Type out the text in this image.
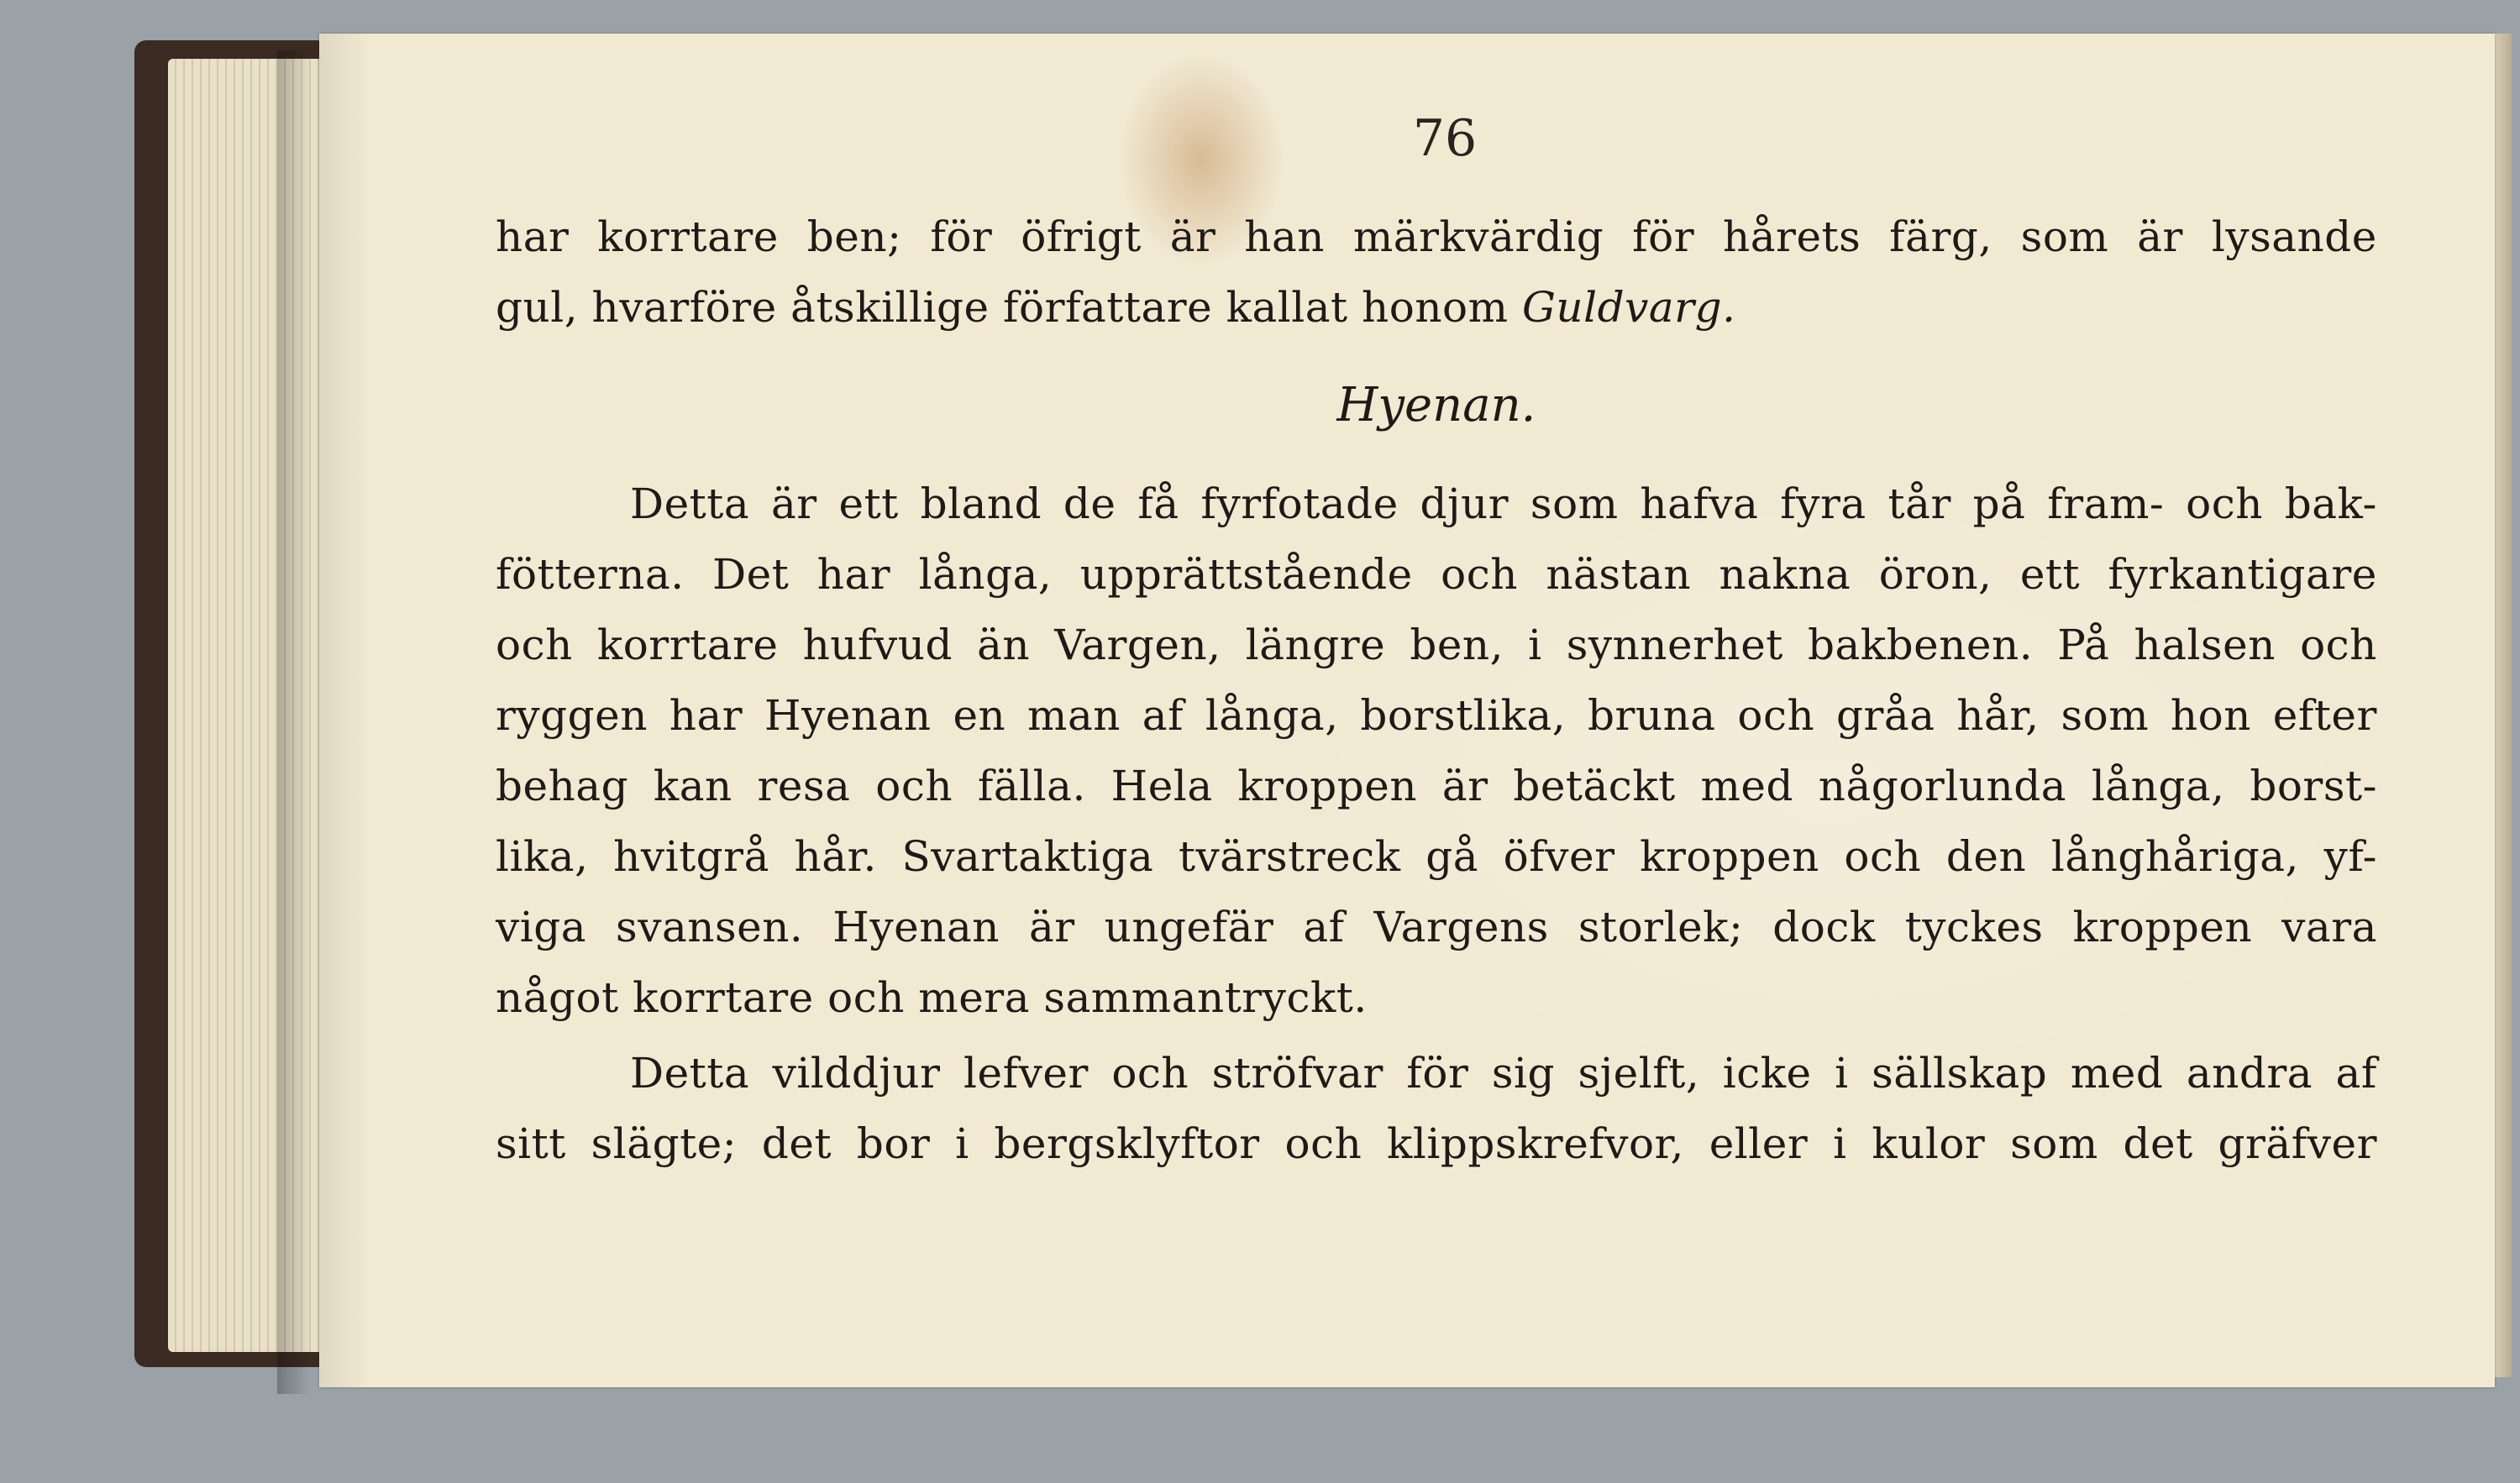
76
har korrtare ben; för öfrigt är han märkvärdig för hårets färg, som är lysande
gul, hvarföre åtskillige författare kallat honom
Guldvarg.
Hyenan.
Detta är ett bland de få fyrfotade djur som hafva fyra tår på fram- och bak-
fötterna. Det har långa, upprättstående och nästan nakna öron, ett fyrkantigare
och korrtare hufvud än Vargen, längre ben, i synnerhet bakbenen. På halsen och
ryggen har Hyenan en man af långa, borstlika, bruna och gråa hår, som hon efter
behag kan resa och fälla. Hela kroppen är betäckt med någorlunda långa, borst-
lika, hvitgrå hår. Svartaktiga tvärstreck gå öfver kroppen och den långhåriga, yf-
viga svansen. Hyenan är ungefär af Vargens storlek; dock tyckes kroppen vara
något korrtare och mera sammantryckt.
Detta vilddjur lefver och ströfvar för sig sjelft, icke i sällskap med andra af
sitt slägte; det bor i bergsklyftor och klippskrefvor, eller i kulor som det gräfver
